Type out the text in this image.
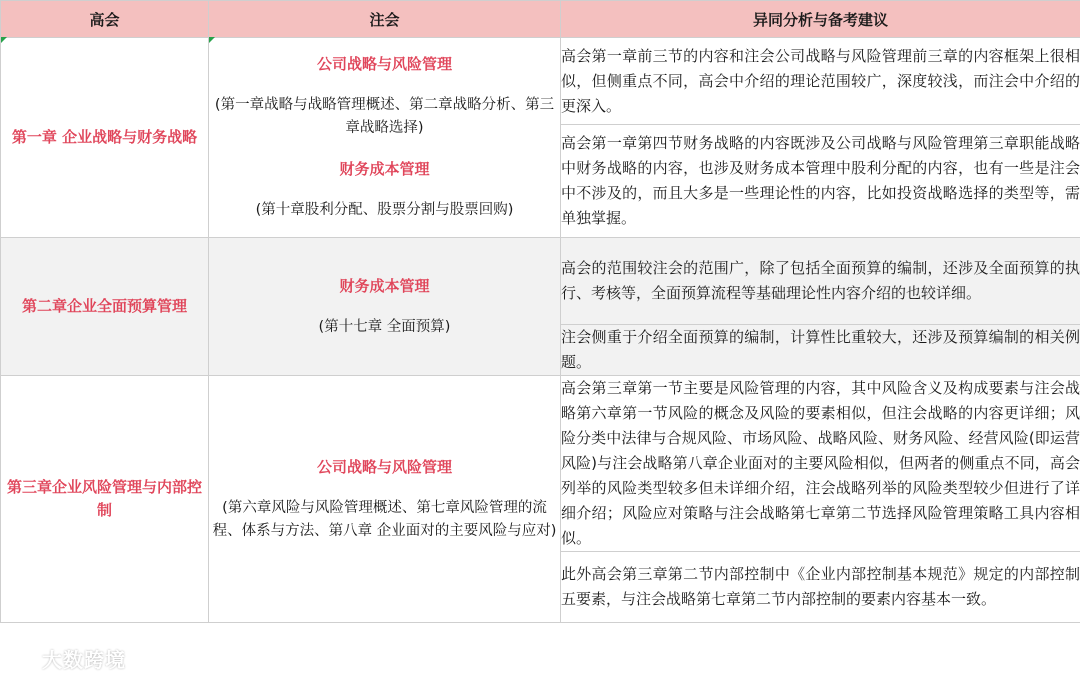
高会	注会	异同分析与备考建议
第一章 企业战略与财务战略	公司战略与风险管理
(第一章战略与战略管理概述、第二章战略分析、第三章战略选择)
财务成本管理
(第十章股利分配、股票分割与股票回购)	高会第一章前三节的内容和注会公司战略与风险管理前三章的内容框架上很相似，但侧重点不同，高会中介绍的理论范围较广，深度较浅，而注会中介绍的更深入。
		高会第一章第四节财务战略的内容既涉及公司战略与风险管理第三章职能战略中财务战略的内容，也涉及财务成本管理中股利分配的内容，也有一些是注会中不涉及的，而且大多是一些理论性的内容，比如投资战略选择的类型等，需单独掌握。
第二章企业全面预算管理	财务成本管理
(第十七章 全面预算)	高会的范围较注会的范围广，除了包括全面预算的编制，还涉及全面预算的执行、考核等，全面预算流程等基础理论性内容介绍的也较详细。
		注会侧重于介绍全面预算的编制，计算性比重较大，还涉及预算编制的相关例题。
第三章企业风险管理与内部控制	公司战略与风险管理
(第六章风险与风险管理概述、第七章风险管理的流程、体系与方法、第八章 企业面对的主要风险与应对)	高会第三章第一节主要是风险管理的内容，其中风险含义及构成要素与注会战略第六章第一节风险的概念及风险的要素相似，但注会战略的内容更详细；风险分类中法律与合规风险、市场风险、战略风险、财务风险、经营风险(即运营风险)与注会战略第八章企业面对的主要风险相似，但两者的侧重点不同，高会列举的风险类型较多但未详细介绍，注会战略列举的风险类型较少但进行了详细介绍；风险应对策略与注会战略第七章第二节选择风险管理策略工具内容相似。
		此外高会第三章第二节内部控制中《企业内部控制基本规范》规定的内部控制五要素，与注会战略第七章第二节内部控制的要素内容基本一致。
大数跨境
